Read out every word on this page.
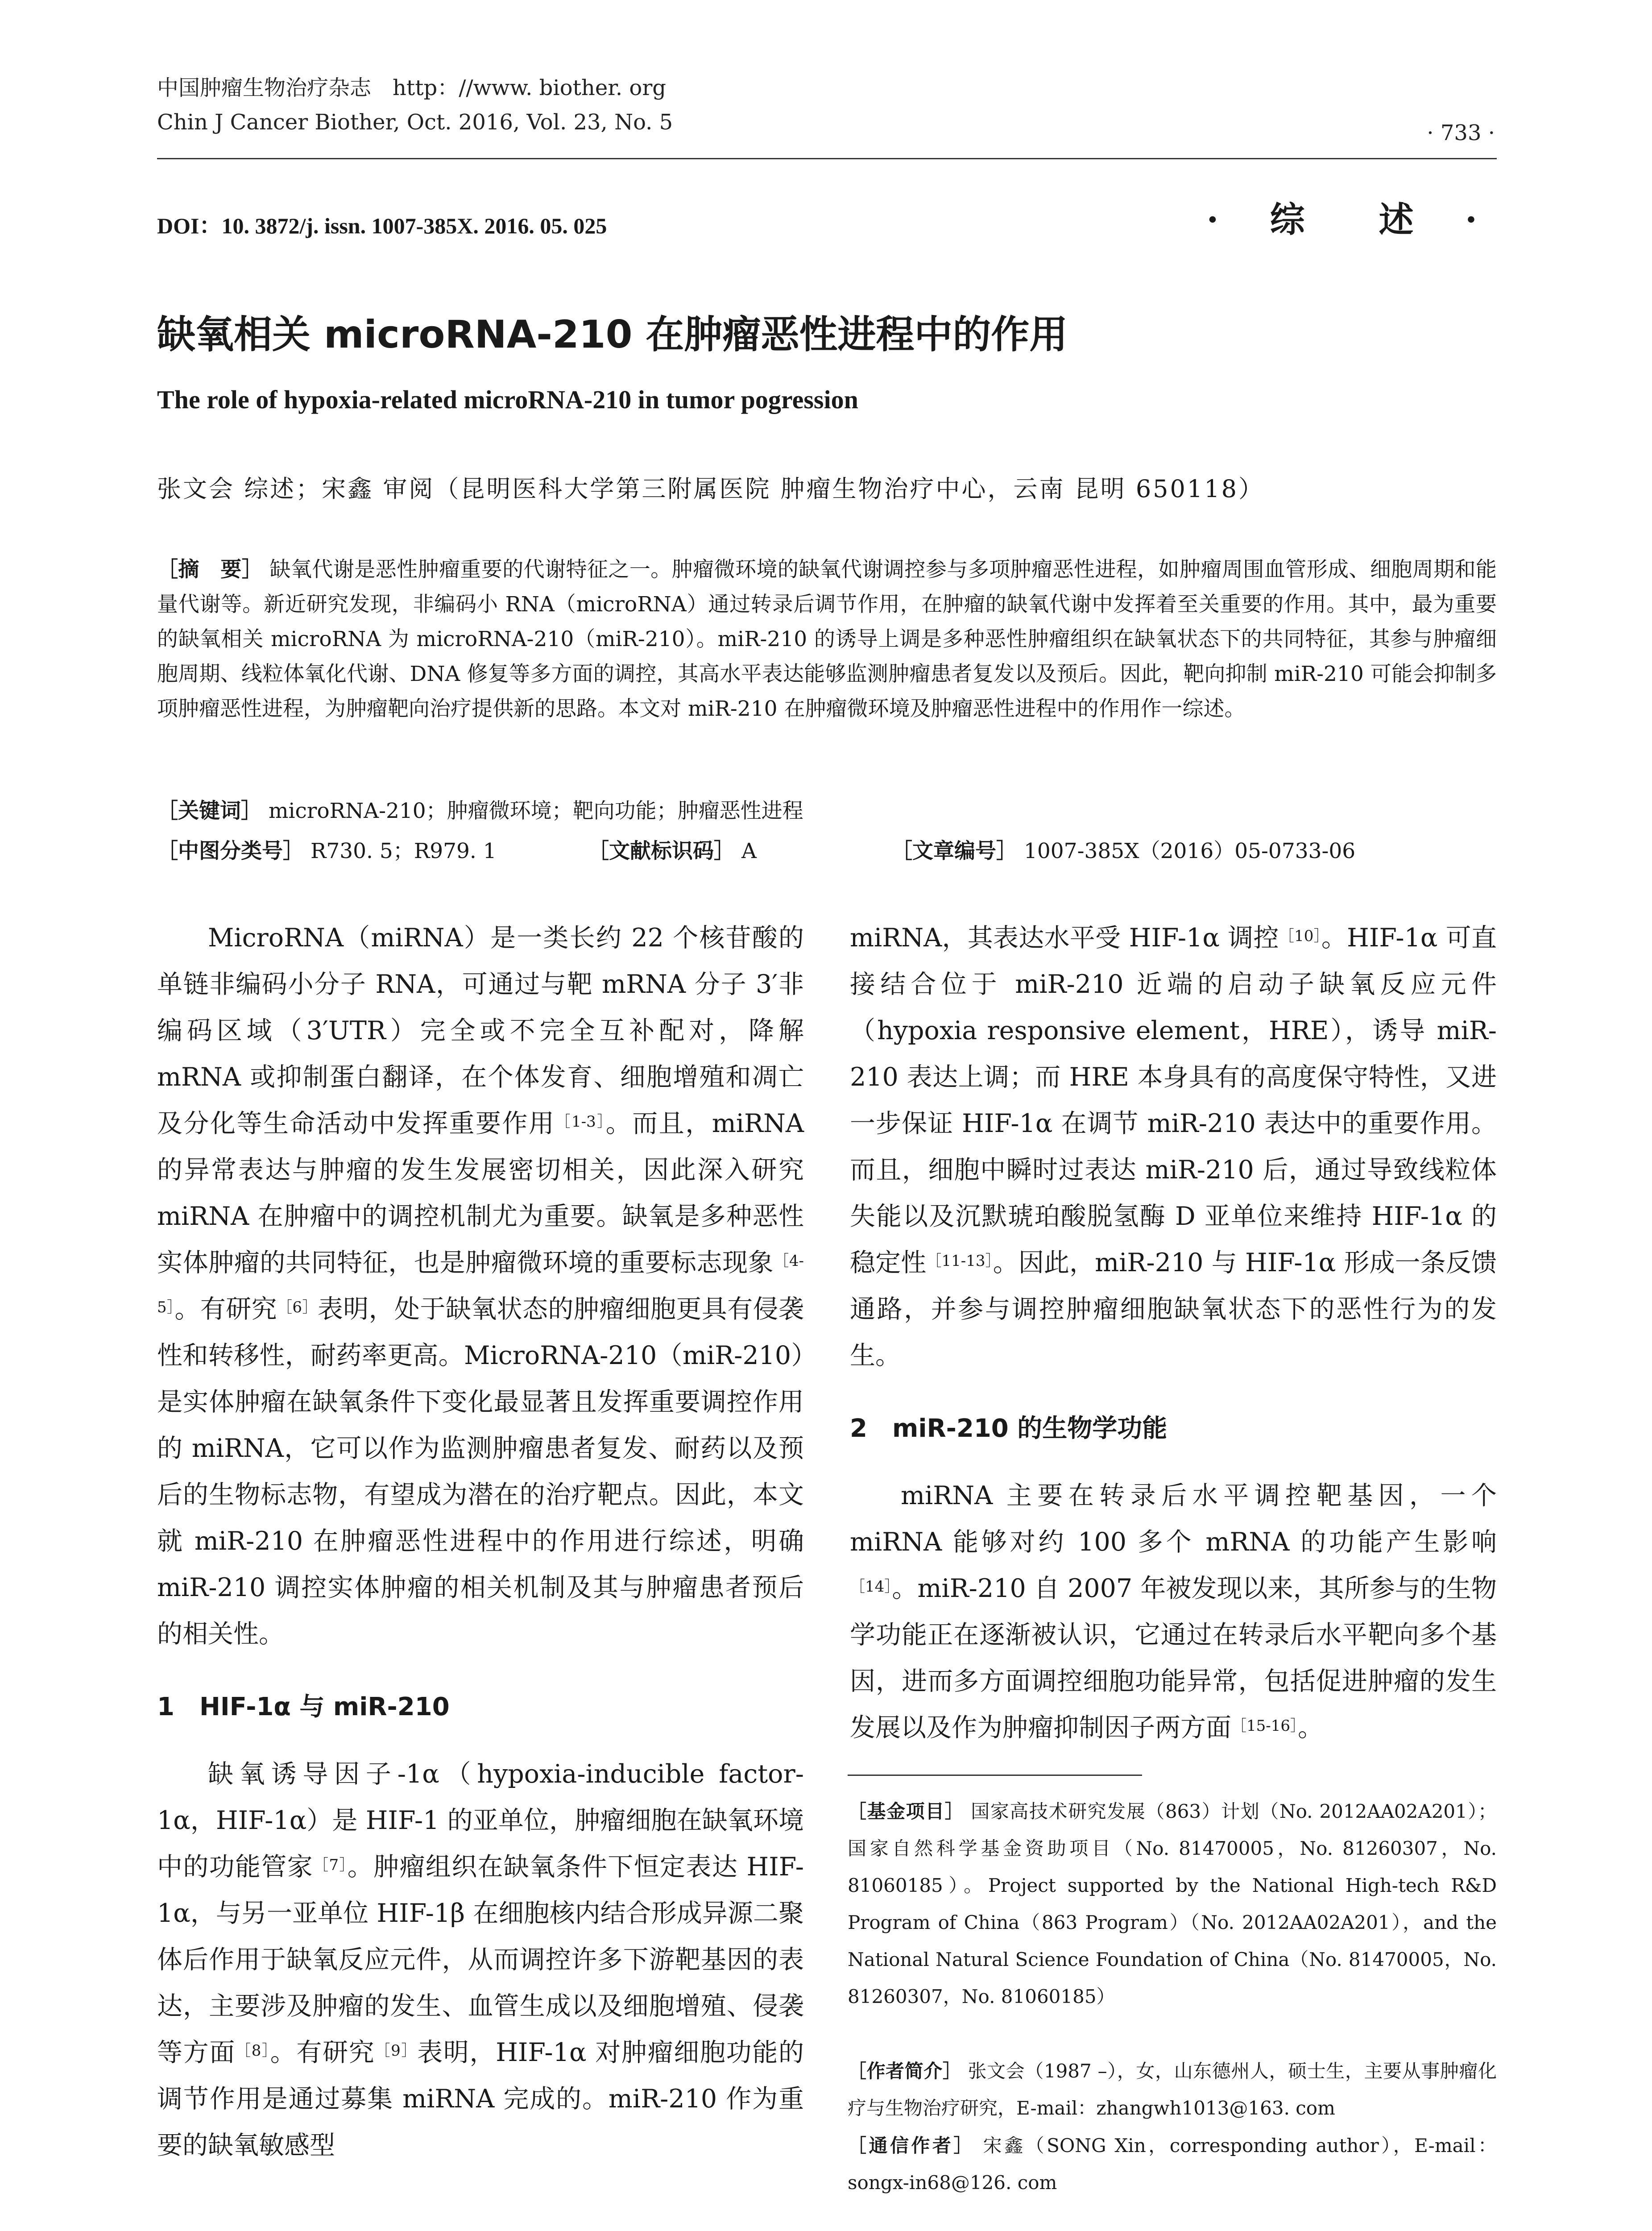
中国肿瘤生物治疗杂志　http：//www. biother. org
Chin J Cancer Biother, Oct. 2016, Vol. 23, No. 5	· 733 ·
DOI：10. 3872/j. issn. 1007-385X. 2016. 05. 025	· 综　述 ·
缺氧相关 microRNA-210 在肿瘤恶性进程中的作用
The role of hypoxia-related microRNA-210 in tumor pogression
张文会 综述；宋鑫 审阅（昆明医科大学第三附属医院 肿瘤生物治疗中心，云南 昆明 650118）
［摘　要］ 缺氧代谢是恶性肿瘤重要的代谢特征之一。肿瘤微环境的缺氧代谢调控参与多项肿瘤恶性进程，如肿瘤周围血管形成、细胞周期和能量代谢等。新近研究发现，非编码小 RNA（microRNA）通过转录后调节作用，在肿瘤的缺氧代谢中发挥着至关重要的作用。其中，最为重要的缺氧相关 microRNA 为 microRNA-210（miR-210）。miR-210 的诱导上调是多种恶性肿瘤组织在缺氧状态下的共同特征，其参与肿瘤细胞周期、线粒体氧化代谢、DNA 修复等多方面的调控，其高水平表达能够监测肿瘤患者复发以及预后。因此，靶向抑制 miR-210 可能会抑制多项肿瘤恶性进程，为肿瘤靶向治疗提供新的思路。本文对 miR-210 在肿瘤微环境及肿瘤恶性进程中的作用作一综述。
［关键词］ microRNA-210；肿瘤微环境；靶向功能；肿瘤恶性进程
［中图分类号］ R730. 5；R979. 1	［文献标识码］ A	［文章编号］ 1007-385X（2016）05-0733-06

MicroRNA（miRNA）是一类长约 22 个核苷酸的单链非编码小分子 RNA，可通过与靶 mRNA 分子 3′非编码区域（3′UTR）完全或不完全互补配对，降解 mRNA 或抑制蛋白翻译，在个体发育、细胞增殖和凋亡及分化等生命活动中发挥重要作用$^{[1-3]}$。而且，miRNA 的异常表达与肿瘤的发生发展密切相关，因此深入研究 miRNA 在肿瘤中的调控机制尤为重要。缺氧是多种恶性实体肿瘤的共同特征，也是肿瘤微环境的重要标志现象$^{[4-5]}$。有研究$^{[6]}$表明，处于缺氧状态的肿瘤细胞更具有侵袭性和转移性，耐药率更高。MicroRNA-210（miR-210）是实体肿瘤在缺氧条件下变化最显著且发挥重要调控作用的 miRNA，它可以作为监测肿瘤患者复发、耐药以及预后的生物标志物，有望成为潜在的治疗靶点。因此，本文就 miR-210 在肿瘤恶性进程中的作用进行综述，明确 miR-210 调控实体肿瘤的相关机制及其与肿瘤患者预后的相关性。

1　HIF-1α 与 miR-210

缺氧诱导因子-1α（hypoxia-inducible factor-1α，HIF-1α）是 HIF-1 的亚单位，肿瘤细胞在缺氧环境中的功能管家$^{[7]}$。肿瘤组织在缺氧条件下恒定表达 HIF-1α，与另一亚单位 HIF-1β 在细胞核内结合形成异源二聚体后作用于缺氧反应元件，从而调控许多下游靶基因的表达，主要涉及肿瘤的发生、血管生成以及细胞增殖、侵袭等方面$^{[8]}$。有研究$^{[9]}$表明，HIF-1α 对肿瘤细胞功能的调节作用是通过募集 miRNA 完成的。miR-210 作为重要的缺氧敏感型

miRNA，其表达水平受 HIF-1α 调控$^{[10]}$。HIF-1α 可直接结合位于 miR-210 近端的启动子缺氧反应元件（hypoxia responsive element，HRE），诱导 miR-210 表达上调；而 HRE 本身具有的高度保守特性，又进一步保证 HIF-1α 在调节 miR-210 表达中的重要作用。而且，细胞中瞬时过表达 miR-210 后，通过导致线粒体失能以及沉默琥珀酸脱氢酶 D 亚单位来维持 HIF-1α 的稳定性$^{[11-13]}$。因此，miR-210 与 HIF-1α 形成一条反馈通路，并参与调控肿瘤细胞缺氧状态下的恶性行为的发生。

2　miR-210 的生物学功能

miRNA 主要在转录后水平调控靶基因，一个 miRNA 能够对约 100 多个 mRNA 的功能产生影响$^{[14]}$。miR-210 自 2007 年被发现以来，其所参与的生物学功能正在逐渐被认识，它通过在转录后水平靶向多个基因，进而多方面调控细胞功能异常，包括促进肿瘤的发生发展以及作为肿瘤抑制因子两方面$^{[15-16]}$。

［基金项目］ 国家高技术研究发展（863）计划（No. 2012AA02A201）；国家自然科学基金资助项目（No. 81470005，No. 81260307，No. 81060185）。Project supported by the National High-tech R&D Program of China（863 Program）（No. 2012AA02A201），and the National Natural Science Foundation of China（No. 81470005，No. 81260307，No. 81060185）
［作者简介］ 张文会（1987 –），女，山东德州人，硕士生，主要从事肿瘤化疗与生物治疗研究，E-mail：zhangwh1013@163. com
［通信作者］ 宋鑫（SONG Xin，corresponding author），E-mail：songx-in68@126. com
